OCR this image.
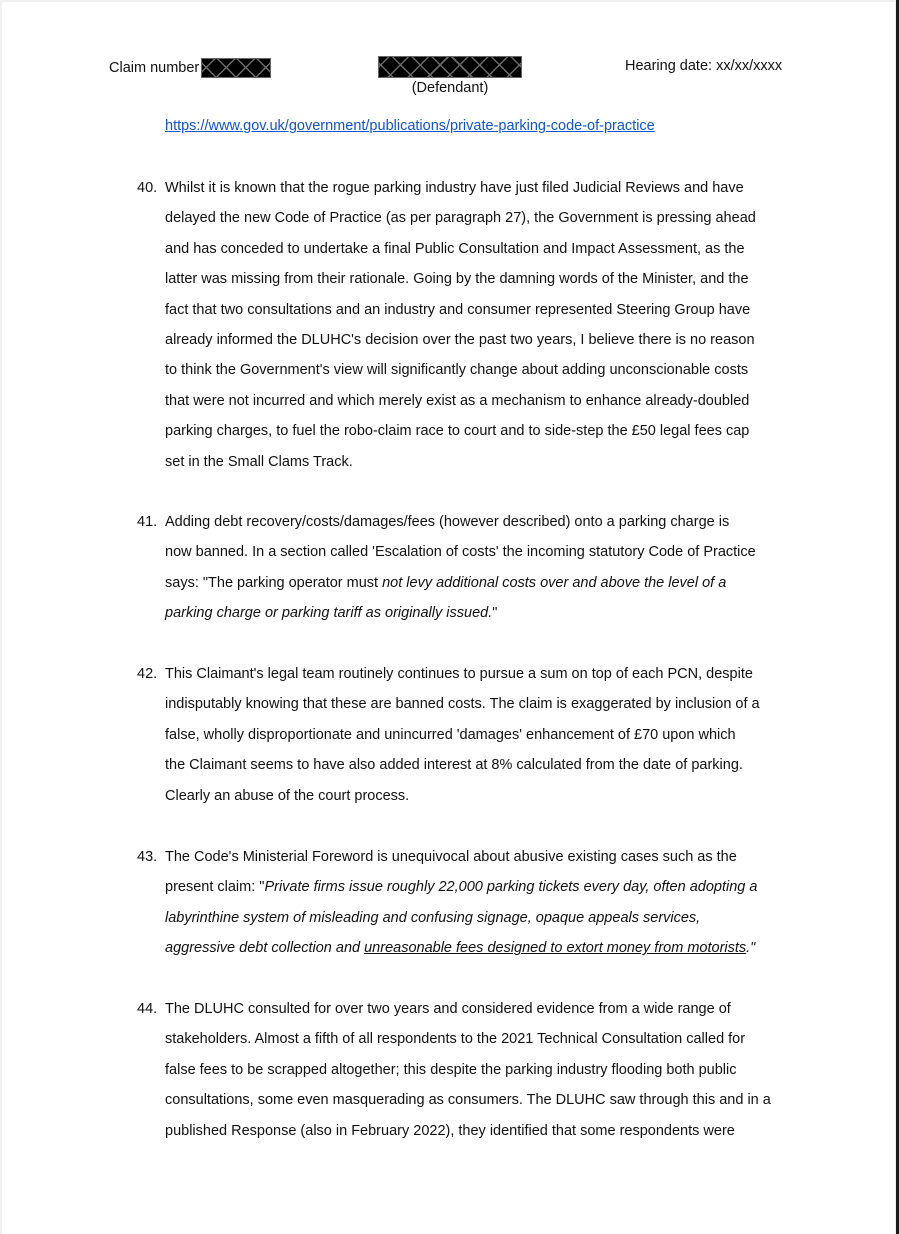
Claim number
(Defendant)
Hearing date: xx/xx/xxxx
https://www.gov.uk/government/publications/private-parking-code-of-practice
40. Whilst it is known that the rogue parking industry have just filed Judicial Reviews and have
delayed the new Code of Practice (as per paragraph 27), the Government is pressing ahead
and has conceded to undertake a final Public Consultation and Impact Assessment, as the
latter was missing from their rationale. Going by the damning words of the Minister, and the
fact that two consultations and an industry and consumer represented Steering Group have
already informed the DLUHC's decision over the past two years, I believe there is no reason
to think the Government's view will significantly change about adding unconscionable costs
that were not incurred and which merely exist as a mechanism to enhance already-doubled
parking charges, to fuel the robo-claim race to court and to side-step the £50 legal fees cap
set in the Small Clams Track.
41. Adding debt recovery/costs/damages/fees (however described) onto a parking charge is
now banned. In a section called 'Escalation of costs' the incoming statutory Code of Practice
says: "The parking operator must not levy additional costs over and above the level of a
parking charge or parking tariff as originally issued."
42. This Claimant's legal team routinely continues to pursue a sum on top of each PCN, despite
indisputably knowing that these are banned costs. The claim is exaggerated by inclusion of a
false, wholly disproportionate and unincurred 'damages' enhancement of £70 upon which
the Claimant seems to have also added interest at 8% calculated from the date of parking.
Clearly an abuse of the court process.
43. The Code's Ministerial Foreword is unequivocal about abusive existing cases such as the
present claim: "Private firms issue roughly 22,000 parking tickets every day, often adopting a
labyrinthine system of misleading and confusing signage, opaque appeals services,
aggressive debt collection and unreasonable fees designed to extort money from motorists."
44. The DLUHC consulted for over two years and considered evidence from a wide range of
stakeholders. Almost a fifth of all respondents to the 2021 Technical Consultation called for
false fees to be scrapped altogether; this despite the parking industry flooding both public
consultations, some even masquerading as consumers. The DLUHC saw through this and in a
published Response (also in February 2022), they identified that some respondents were
